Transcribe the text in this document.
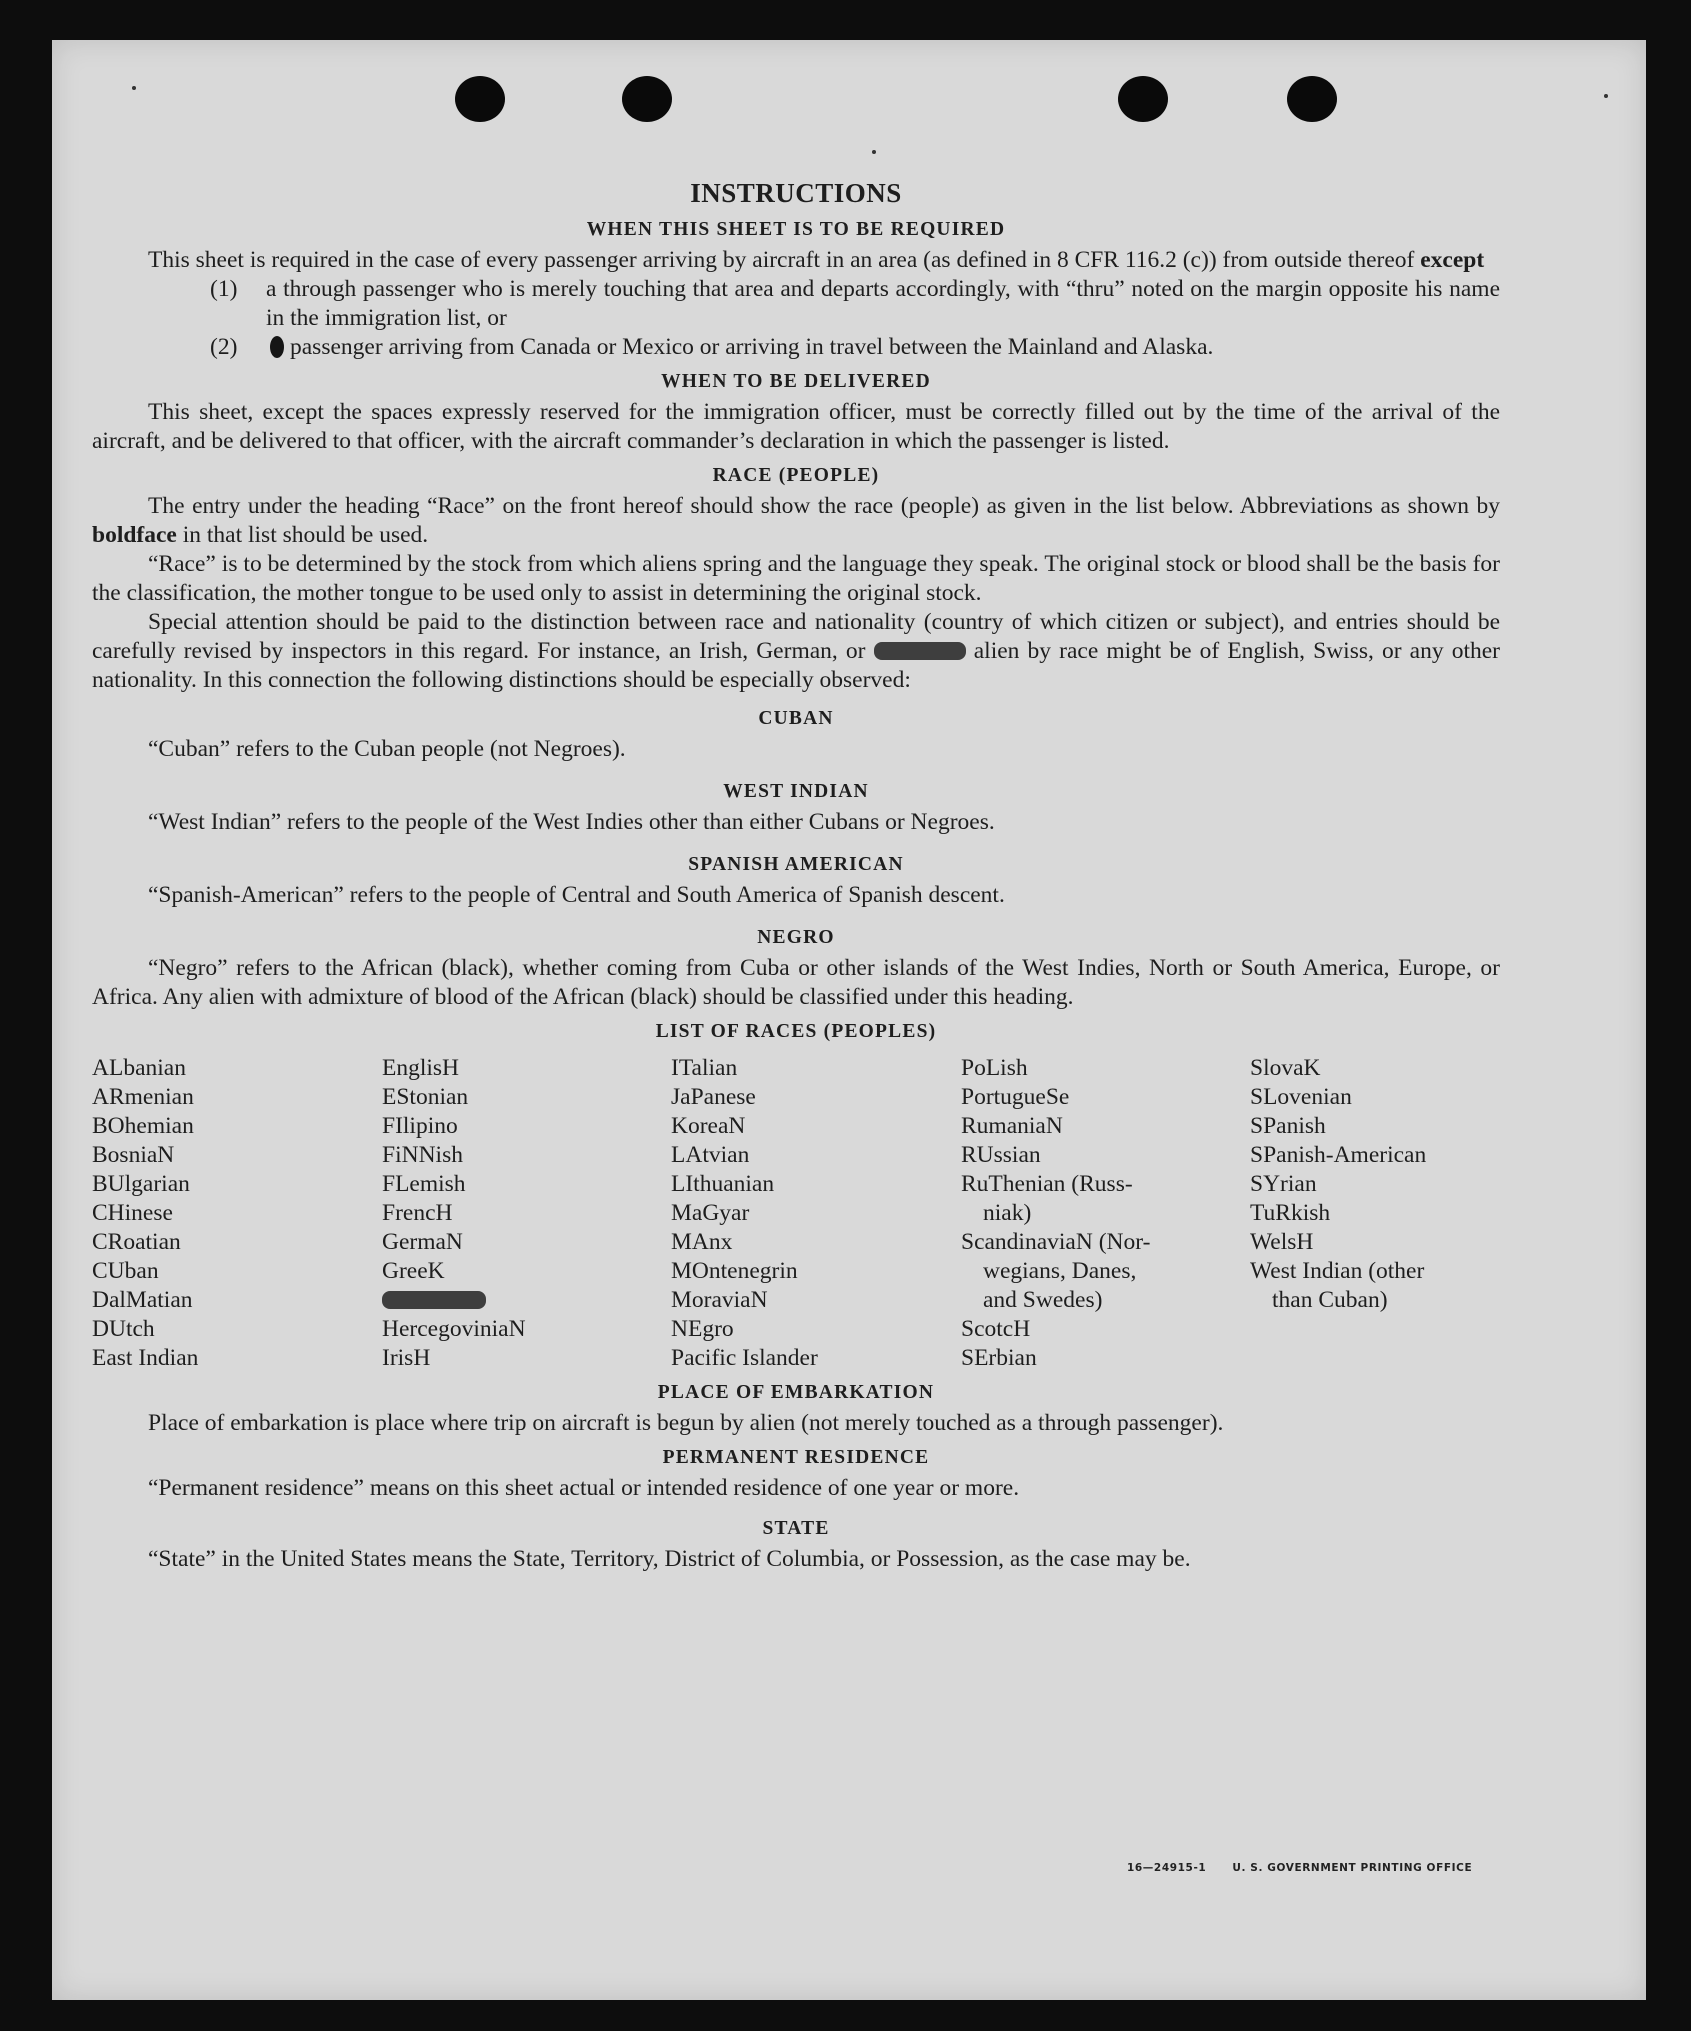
INSTRUCTIONS
WHEN THIS SHEET IS TO BE REQUIRED

This sheet is required in the case of every passenger arriving by aircraft in an area (as defined in 8 CFR 116.2 (c)) from outside thereof except

(1)	a through passenger who is merely touching that area and departs accordingly, with “thru” noted on the margin opposite his name in the immigration list, or
(2)	passenger arriving from Canada or Mexico or arriving in travel between the Mainland and Alaska.
WHEN TO BE DELIVERED

This sheet, except the spaces expressly reserved for the immigration officer, must be correctly filled out by the time of the arrival of the aircraft, and be delivered to that officer, with the aircraft commander’s declaration in which the passenger is listed.

RACE (PEOPLE)

The entry under the heading “Race” on the front hereof should show the race (people) as given in the list below. Abbreviations as shown by boldface in that list should be used.

“Race” is to be determined by the stock from which aliens spring and the language they speak. The original stock or blood shall be the basis for the classification, the mother tongue to be used only to assist in determining the original stock.

Special attention should be paid to the distinction between race and nationality (country of which citizen or subject), and entries should be carefully revised by inspectors in this regard. For instance, an Irish, German, or	alien by race might be of English, Swiss, or any other nationality. In this connection the following distinctions should be especially observed:

CUBAN

“Cuban” refers to the Cuban people (not Negroes).

WEST INDIAN

“West Indian” refers to the people of the West Indies other than either Cubans or Negroes.

SPANISH AMERICAN

“Spanish-American” refers to the people of Central and South America of Spanish descent.

NEGRO

“Negro” refers to the African (black), whether coming from Cuba or other islands of the West Indies, North or South America, Europe, or Africa. Any alien with admixture of blood of the African (black) should be classified under this heading.

LIST OF RACES (PEOPLES)
ALbanian
ARmenian
BOhemian
BosniaN
BUlgarian
CHinese
CRoatian
CUban
DalMatian
DUtch
East Indian
EnglisH
EStonian
FIlipino
FiNNish
FLemish
FrencH
GermaN
GreeK
HercegoviniaN
IrisH
ITalian
JaPanese
KoreaN
LAtvian
LIthuanian
MaGyar
MAnx
MOntenegrin
MoraviaN
NEgro
Pacific Islander
PoLish
PortugueSe
RumaniaN
RUssian
RuThenian (Russ-
niak)
ScandinaviaN (Nor-
wegians, Danes,
and Swedes)
ScotcH
SErbian
SlovaK
SLovenian
SPanish
SPanish-American
SYrian
TuRkish
WelsH
West Indian (other
than Cuban)
PLACE OF EMBARKATION

Place of embarkation is place where trip on aircraft is begun by alien (not merely touched as a through passenger).

PERMANENT RESIDENCE

“Permanent residence” means on this sheet actual or intended residence of one year or more.

STATE

“State” in the United States means the State, Territory, District of Columbia, or Possession, as the case may be.

16—24915-1 U. S. GOVERNMENT PRINTING OFFICE
